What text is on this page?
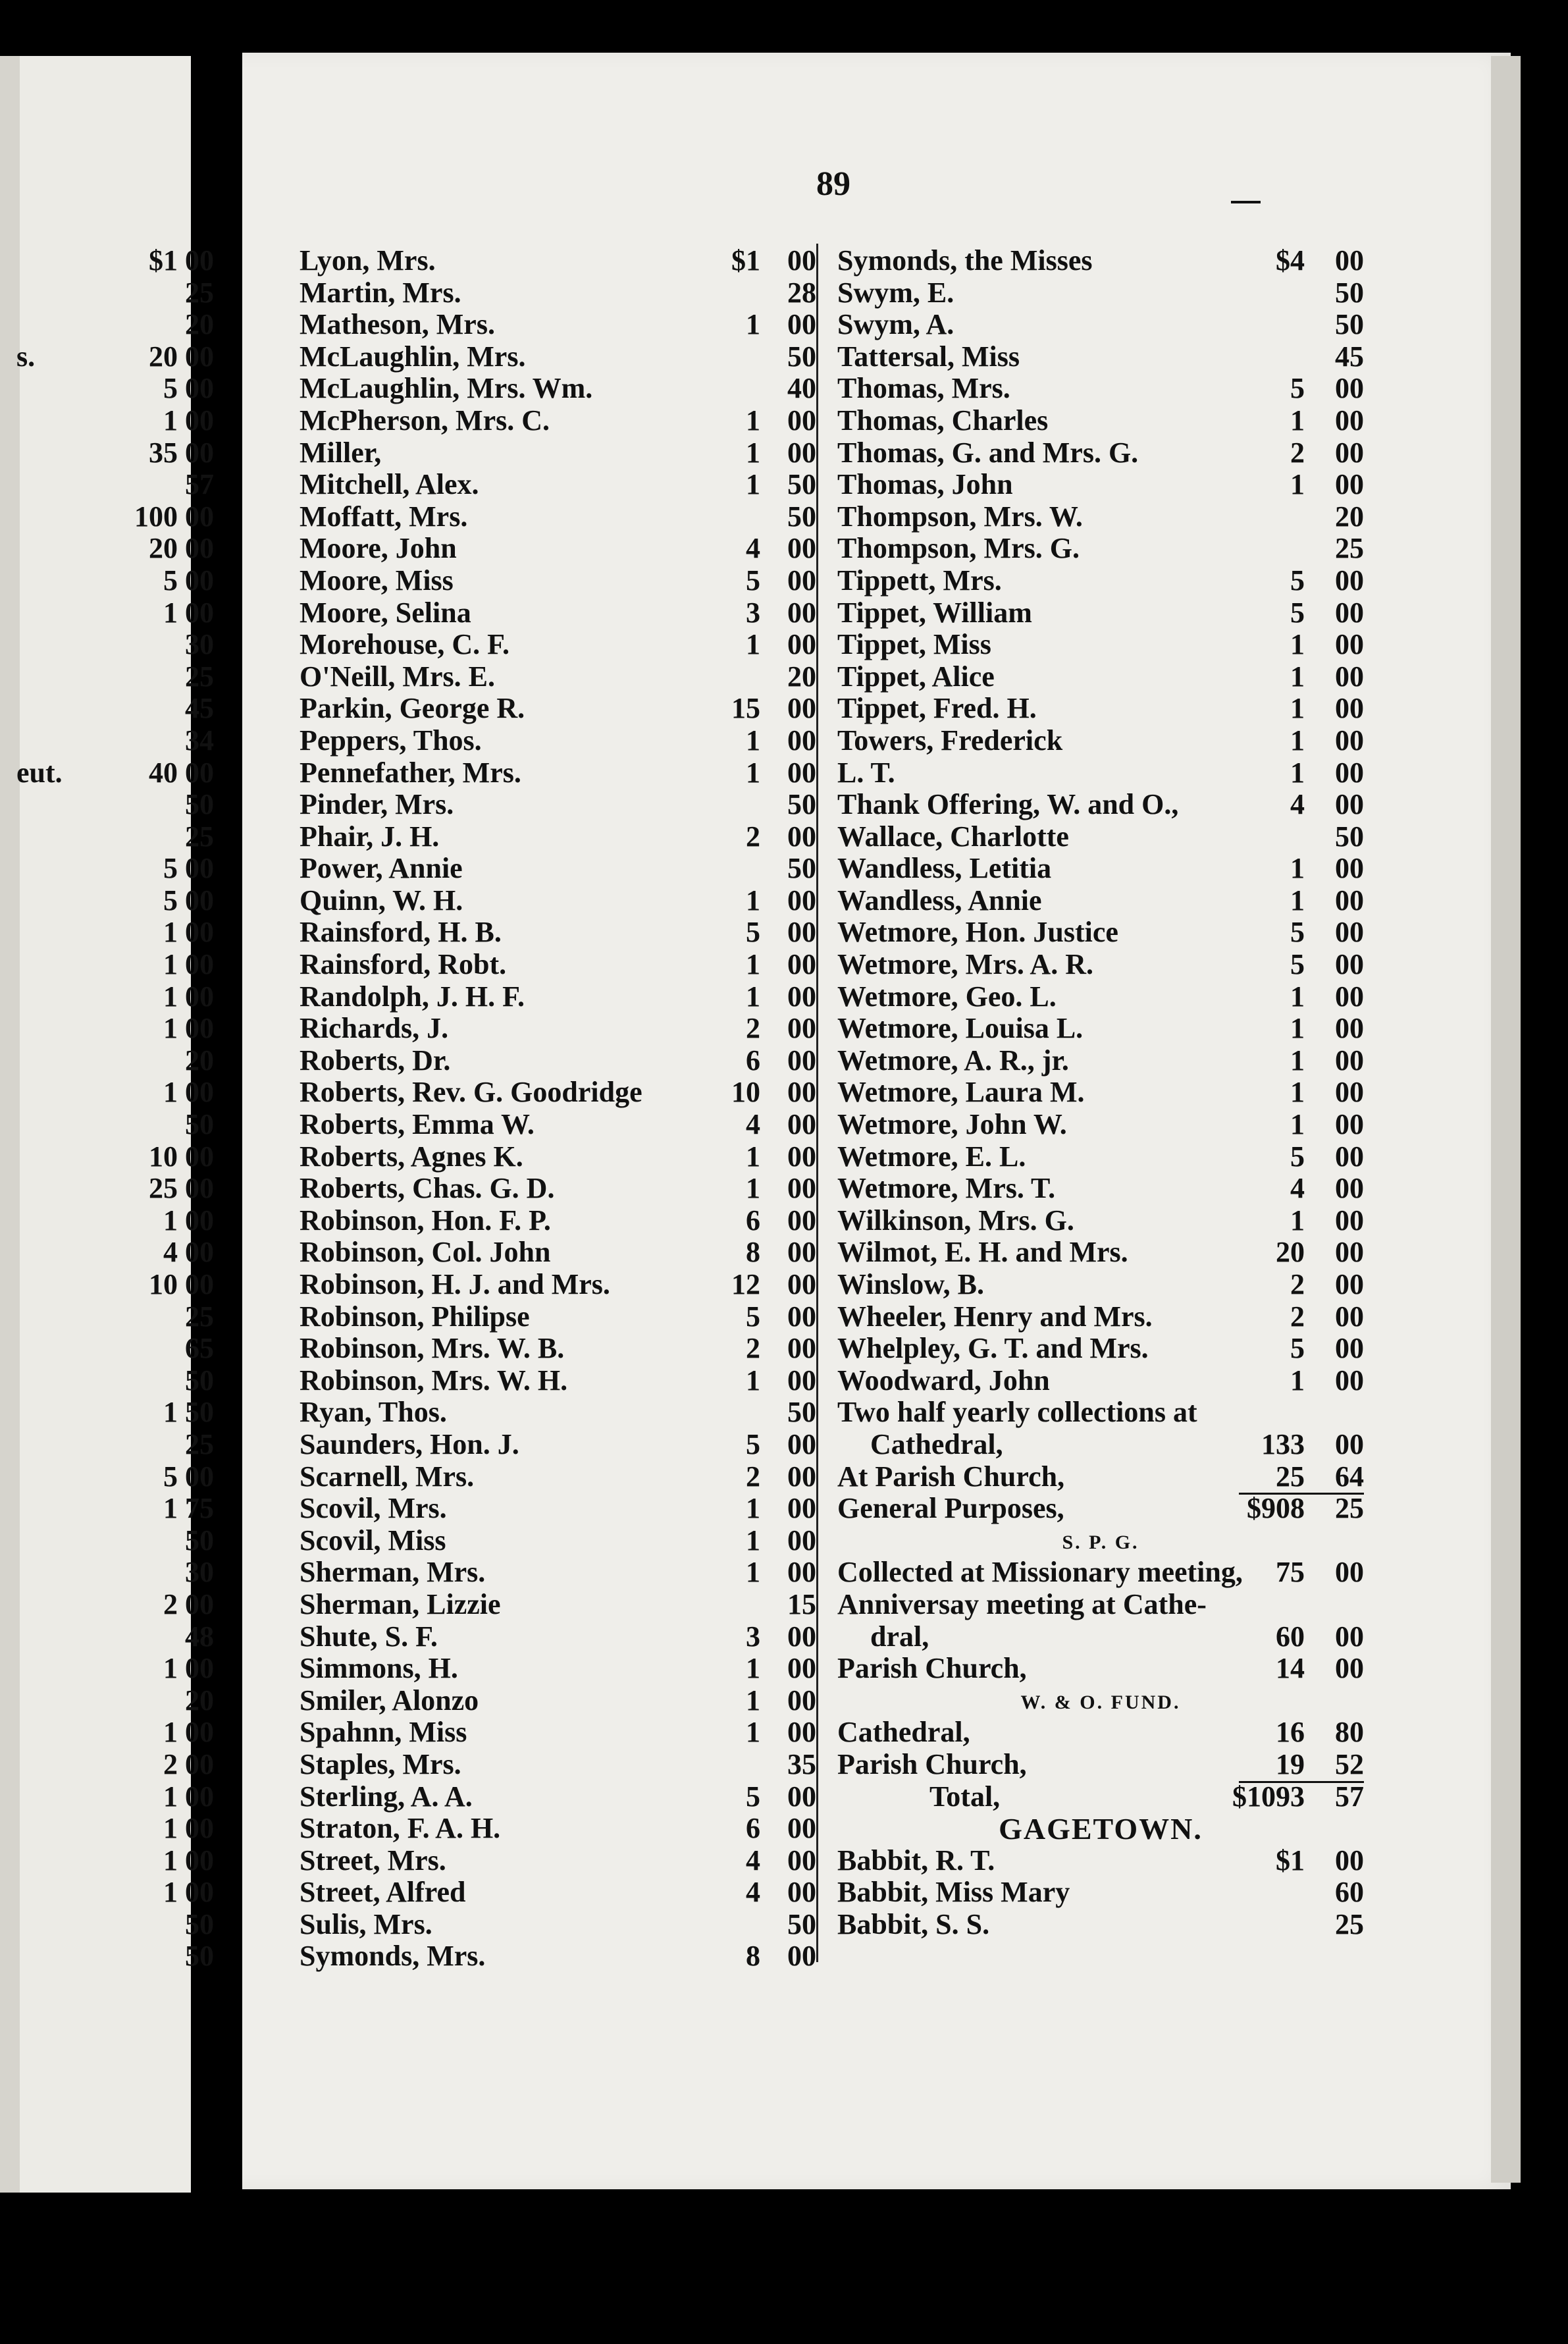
89
$1 00
25
20
s.	20 00
5 00
1 00
35 00
57
100 00
20 00
5 00
1 00
30
25
45
34
eut.	40 00
50
25
5 00
5 00
1 00
1 00
1 00
1 00
20
1 00
50
10 00
25 00
1 00
4 00
10 00
25
65
50
1 50
25
5 00
1 75
50
30
2 00
48
1 00
20
1 00
2 00
1 00
1 00
1 00
1 00
50
50
Lyon, Mrs.	$1 00
Martin, Mrs.	28
Matheson, Mrs.	1 00
McLaughlin, Mrs.	50
McLaughlin, Mrs. Wm.	40
McPherson, Mrs. C.	1 00
Miller,	1 00
Mitchell, Alex.	1 50
Moffatt, Mrs.	50
Moore, John	4 00
Moore, Miss	5 00
Moore, Selina	3 00
Morehouse, C. F.	1 00
O'Neill, Mrs. E.	20
Parkin, George R.	15 00
Peppers, Thos.	1 00
Pennefather, Mrs.	1 00
Pinder, Mrs.	50
Phair, J. H.	2 00
Power, Annie	50
Quinn, W. H.	1 00
Rainsford, H. B.	5 00
Rainsford, Robt.	1 00
Randolph, J. H. F.	1 00
Richards, J.	2 00
Roberts, Dr.	6 00
Roberts, Rev. G. Goodridge	10 00
Roberts, Emma W.	4 00
Roberts, Agnes K.	1 00
Roberts, Chas. G. D.	1 00
Robinson, Hon. F. P.	6 00
Robinson, Col. John	8 00
Robinson, H. J. and Mrs.	12 00
Robinson, Philipse	5 00
Robinson, Mrs. W. B.	2 00
Robinson, Mrs. W. H.	1 00
Ryan, Thos.	50
Saunders, Hon. J.	5 00
Scarnell, Mrs.	2 00
Scovil, Mrs.	1 00
Scovil, Miss	1 00
Sherman, Mrs.	1 00
Sherman, Lizzie	15
Shute, S. F.	3 00
Simmons, H.	1 00
Smiler, Alonzo	1 00
Spahnn, Miss	1 00
Staples, Mrs.	35
Sterling, A. A.	5 00
Straton, F. A. H.	6 00
Street, Mrs.	4 00
Street, Alfred	4 00
Sulis, Mrs.	50
Symonds, Mrs.	8 00
Symonds, the Misses	$4	00
Swym, E.	50
Swym, A.	50
Tattersal, Miss	45
Thomas, Mrs.	5	00
Thomas, Charles	1	00
Thomas, G. and Mrs. G.	2	00
Thomas, John	1	00
Thompson, Mrs. W.	20
Thompson, Mrs. G.	25
Tippett, Mrs.	5	00
Tippet, William	5	00
Tippet, Miss	1	00
Tippet, Alice	1	00
Tippet, Fred. H.	1	00
Towers, Frederick	1	00
L. T.	1	00
Thank Offering, W. and O.,	4	00
Wallace, Charlotte	50
Wandless, Letitia	1	00
Wandless, Annie	1	00
Wetmore, Hon. Justice	5	00
Wetmore, Mrs. A. R.	5	00
Wetmore, Geo. L.	1	00
Wetmore, Louisa L.	1	00
Wetmore, A. R., jr.	1	00
Wetmore, Laura M.	1	00
Wetmore, John W.	1	00
Wetmore, E. L.	5	00
Wetmore, Mrs. T.	4	00
Wilkinson, Mrs. G.	1	00
Wilmot, E. H. and Mrs.	20	00
Winslow, B.	2	00
Wheeler, Henry and Mrs.	2	00
Whelpley, G. T. and Mrs.	5	00
Woodward, John	1	00
Two half yearly collections at
Cathedral,	133	00
At Parish Church,	25	64
General Purposes,	$908	25
S. P. G.
Collected at Missionary meeting,	75	00
Anniversay meeting at Cathe-
dral,	60	00
Parish Church,	14	00
W. & O. FUND.
Cathedral,	16	80
Parish Church,	19	52
Total,	$1093	57
GAGETOWN.
Babbit, R. T.	$1	00
Babbit, Miss Mary	60
Babbit, S. S.	25
